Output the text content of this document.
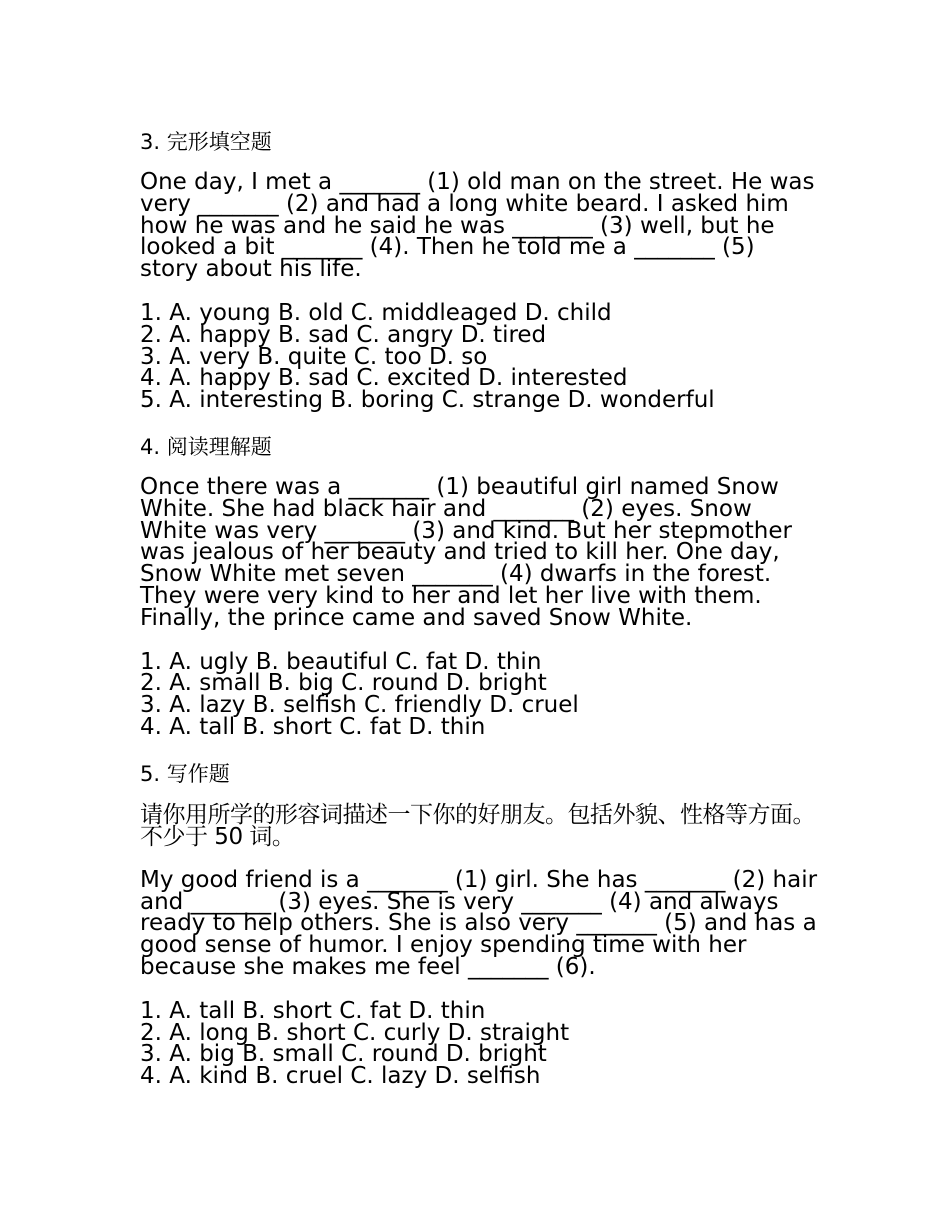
3. 完形填空题
One day, I met a _______ (1) old man on the street. He was very _______ (2) and had a long white beard. I asked him how he was and he said he was _______ (3) well, but he looked a bit _______ (4). Then he told me a _______ (5) story about his life.
1. A. young B. old C. middleaged D. child
2. A. happy B. sad C. angry D. tired
3. A. very B. quite C. too D. so
4. A. happy B. sad C. excited D. interested
5. A. interesting B. boring C. strange D. wonderful
4. 阅读理解题
Once there was a _______ (1) beautiful girl named Snow White. She had black hair and _______ (2) eyes. Snow White was very _______ (3) and kind. But her stepmother was jealous of her beauty and tried to kill her. One day, Snow White met seven _______ (4) dwarfs in the forest. They were very kind to her and let her live with them. Finally, the prince came and saved Snow White.
1. A. ugly B. beautiful C. fat D. thin
2. A. small B. big C. round D. bright
3. A. lazy B. selfish C. friendly D. cruel
4. A. tall B. short C. fat D. thin
5. 写作题
请你用所学的形容词描述一下你的好朋友。包括外貌、性格等方面。不少于 50 词。
My good friend is a _______ (1) girl. She has _______ (2) hair and _______ (3) eyes. She is very _______ (4) and always ready to help others. She is also very _______ (5) and has a good sense of humor. I enjoy spending time with her because she makes me feel _______ (6).
1. A. tall B. short C. fat D. thin
2. A. long B. short C. curly D. straight
3. A. big B. small C. round D. bright
4. A. kind B. cruel C. lazy D. selfish
